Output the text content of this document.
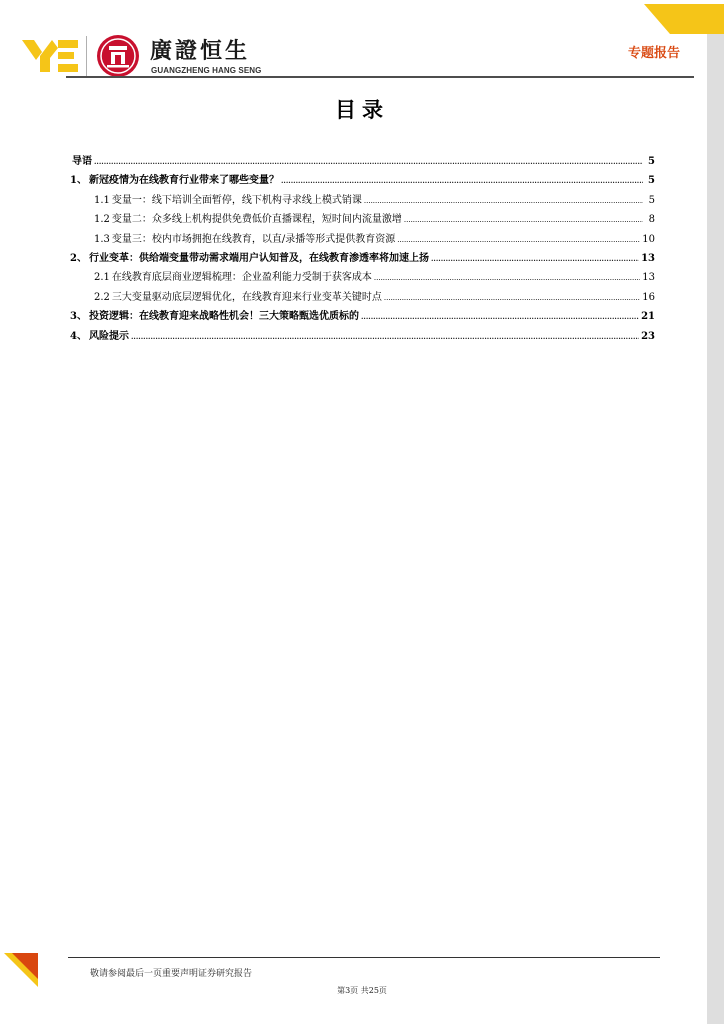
廣證恒生
GUANGZHENG HANG SENG
专题报告
目录
导语 .....	5
1、 新冠疫情为在线教育行业带来了哪些变量？ .....	5
1.1 变量一：线下培训全面暂停，线下机构寻求线上模式销课 .....	5
1.2 变量二：众多线上机构提供免费低价直播课程，短时间内流量激增 .....	8
1.3 变量三：校内市场拥抱在线教育，以直/录播等形式提供教育资源 .....	10
2、 行业变革：供给端变量带动需求端用户认知普及，在线教育渗透率将加速上扬 .....	13
2.1 在线教育底层商业逻辑梳理：企业盈利能力受制于获客成本 .....	13
2.2 三大变量驱动底层逻辑优化，在线教育迎来行业变革关键时点 .....	16
3、 投资逻辑：在线教育迎来战略性机会！三大策略甄选优质标的 .....	21
4、 风险提示 .....	23
敬请参阅最后一页重要声明证券研究报告
第3页 共25页
